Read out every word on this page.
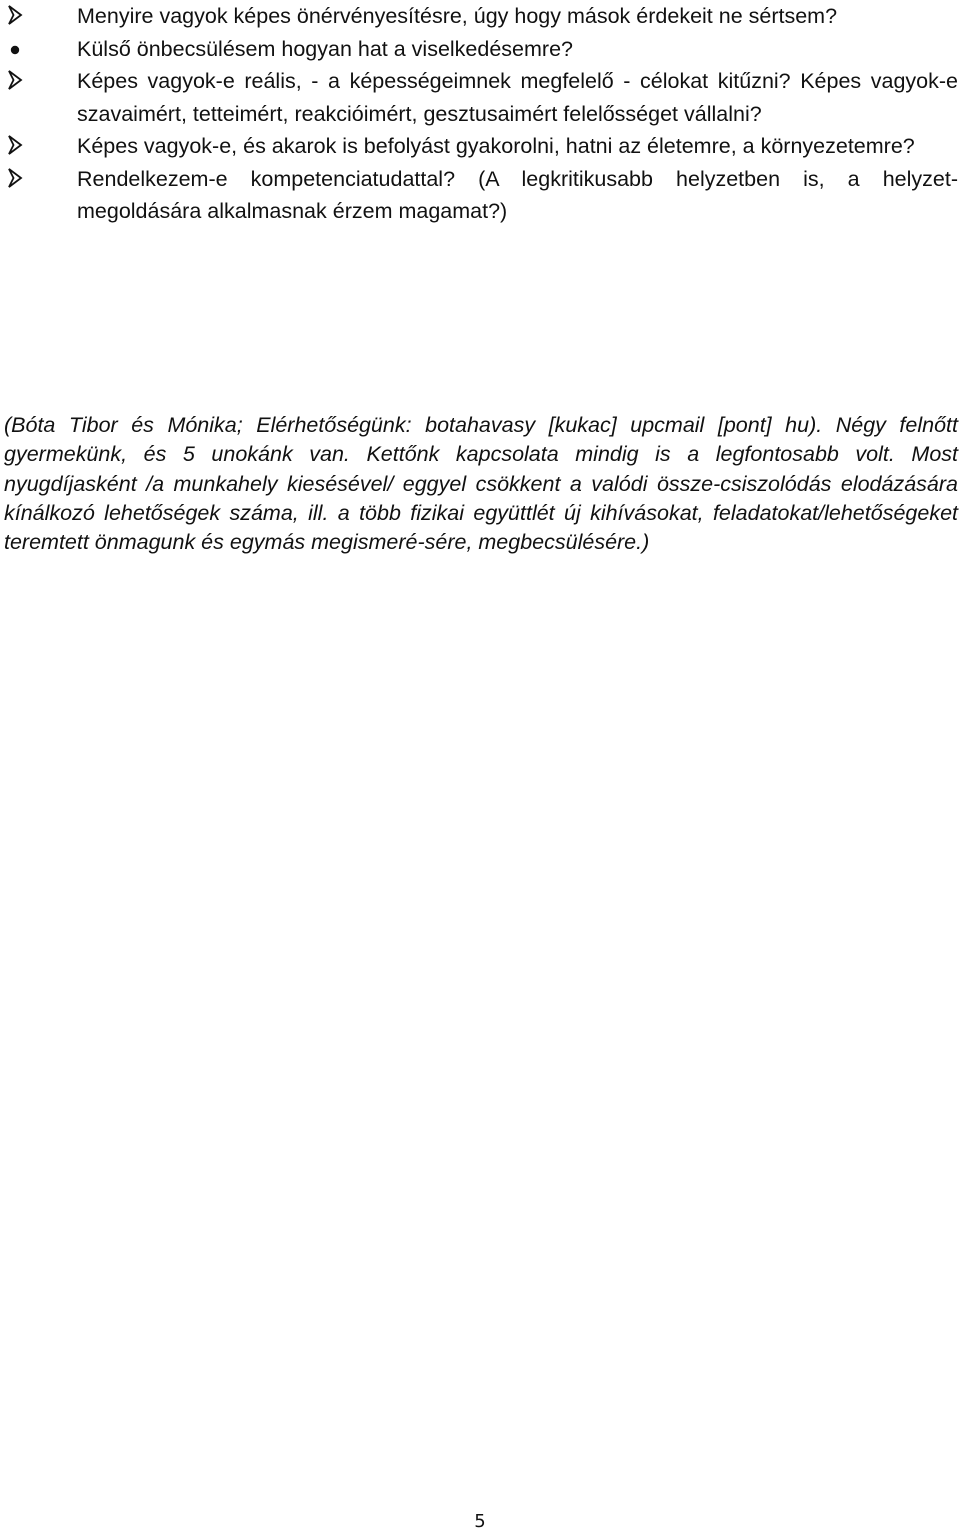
Menyire vagyok képes önérvényesítésre, úgy hogy mások érdekeit ne sértsem?
Külső önbecsülésem hogyan hat a viselkedésemre?
Képes vagyok-e reális, - a képességeimnek megfelelő - célokat kitűzni? Képes vagyok-e szavaimért, tetteimért, reakcióimért, gesztusaimért felelősséget vállalni?
Képes vagyok-e, és akarok is befolyást gyakorolni, hatni az életemre, a környezetemre?
Rendelkezem-e kompetenciatudattal? (A legkritikusabb helyzetben is, a helyzet-megoldására alkalmasnak érzem magamat?)

(Bóta Tibor és Mónika; Elérhetőségünk: botahavasy [kukac] upcmail [pont] hu). Négy felnőtt gyermekünk, és 5 unokánk van. Kettőnk kapcsolata mindig is a legfontosabb volt. Most nyugdíjasként /a munkahely kiesésével/ eggyel csökkent a valódi össze-csiszolódás elodázására kínálkozó lehetőségek száma, ill. a több fizikai együttlét új kihívásokat, feladatokat/lehetőségeket teremtett önmagunk és egymás megismeré-sére, megbecsülésére.)

5
